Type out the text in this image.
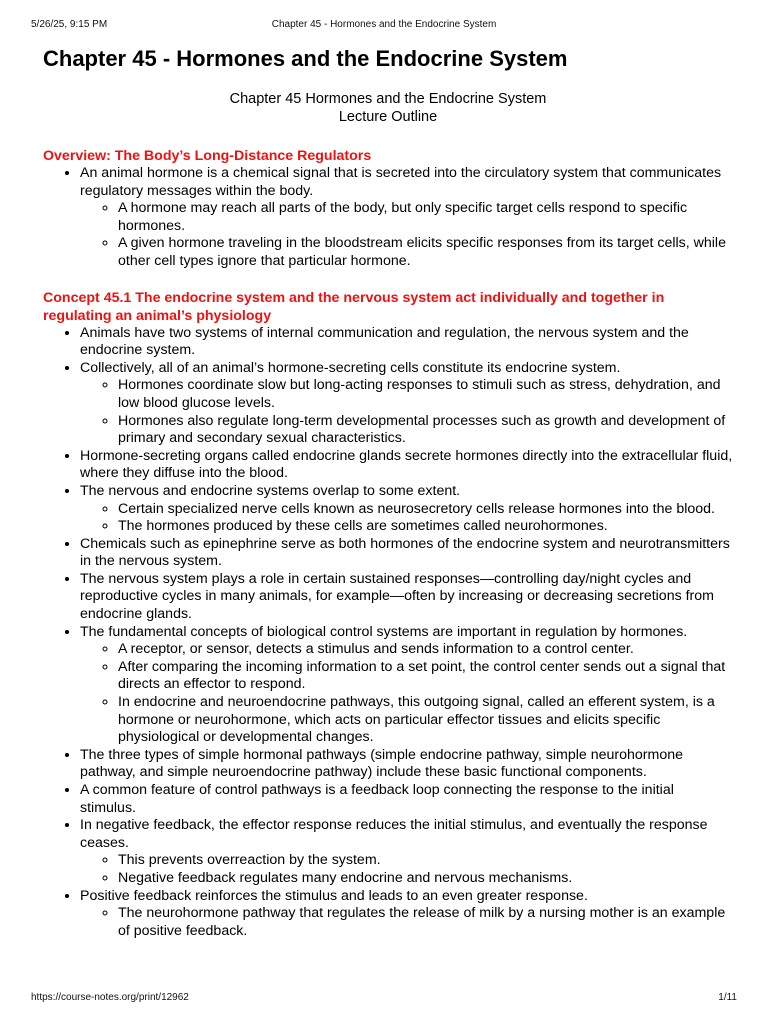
5/26/25, 9:15 PM	Chapter 45 - Hormones and the Endocrine System
Chapter 45 - Hormones and the Endocrine System
Chapter 45 Hormones and the Endocrine System
Lecture Outline
Overview: The Body’s Long-Distance Regulators
• An animal hormone is a chemical signal that is secreted into the circulatory system that communicates regulatory messages within the body.
◦ A hormone may reach all parts of the body, but only specific target cells respond to specific hormones.
◦ A given hormone traveling in the bloodstream elicits specific responses from its target cells, while other cell types ignore that particular hormone.
Concept 45.1 The endocrine system and the nervous system act individually and together in regulating an animal’s physiology
• Animals have two systems of internal communication and regulation, the nervous system and the endocrine system.
• Collectively, all of an animal’s hormone-secreting cells constitute its endocrine system.
◦ Hormones coordinate slow but long-acting responses to stimuli such as stress, dehydration, and low blood glucose levels.
◦ Hormones also regulate long-term developmental processes such as growth and development of primary and secondary sexual characteristics.
• Hormone-secreting organs called endocrine glands secrete hormones directly into the extracellular fluid, where they diffuse into the blood.
• The nervous and endocrine systems overlap to some extent.
◦ Certain specialized nerve cells known as neurosecretory cells release hormones into the blood.
◦ The hormones produced by these cells are sometimes called neurohormones.
• Chemicals such as epinephrine serve as both hormones of the endocrine system and neurotransmitters in the nervous system.
• The nervous system plays a role in certain sustained responses—controlling day/night cycles and reproductive cycles in many animals, for example—often by increasing or decreasing secretions from endocrine glands.
• The fundamental concepts of biological control systems are important in regulation by hormones.
◦ A receptor, or sensor, detects a stimulus and sends information to a control center.
◦ After comparing the incoming information to a set point, the control center sends out a signal that directs an effector to respond.
◦ In endocrine and neuroendocrine pathways, this outgoing signal, called an efferent system, is a hormone or neurohormone, which acts on particular effector tissues and elicits specific physiological or developmental changes.
• The three types of simple hormonal pathways (simple endocrine pathway, simple neurohormone pathway, and simple neuroendocrine pathway) include these basic functional components.
• A common feature of control pathways is a feedback loop connecting the response to the initial stimulus.
• In negative feedback, the effector response reduces the initial stimulus, and eventually the response ceases.
◦ This prevents overreaction by the system.
◦ Negative feedback regulates many endocrine and nervous mechanisms.
• Positive feedback reinforces the stimulus and leads to an even greater response.
◦ The neurohormone pathway that regulates the release of milk by a nursing mother is an example of positive feedback.
https://course-notes.org/print/12962	1/11
